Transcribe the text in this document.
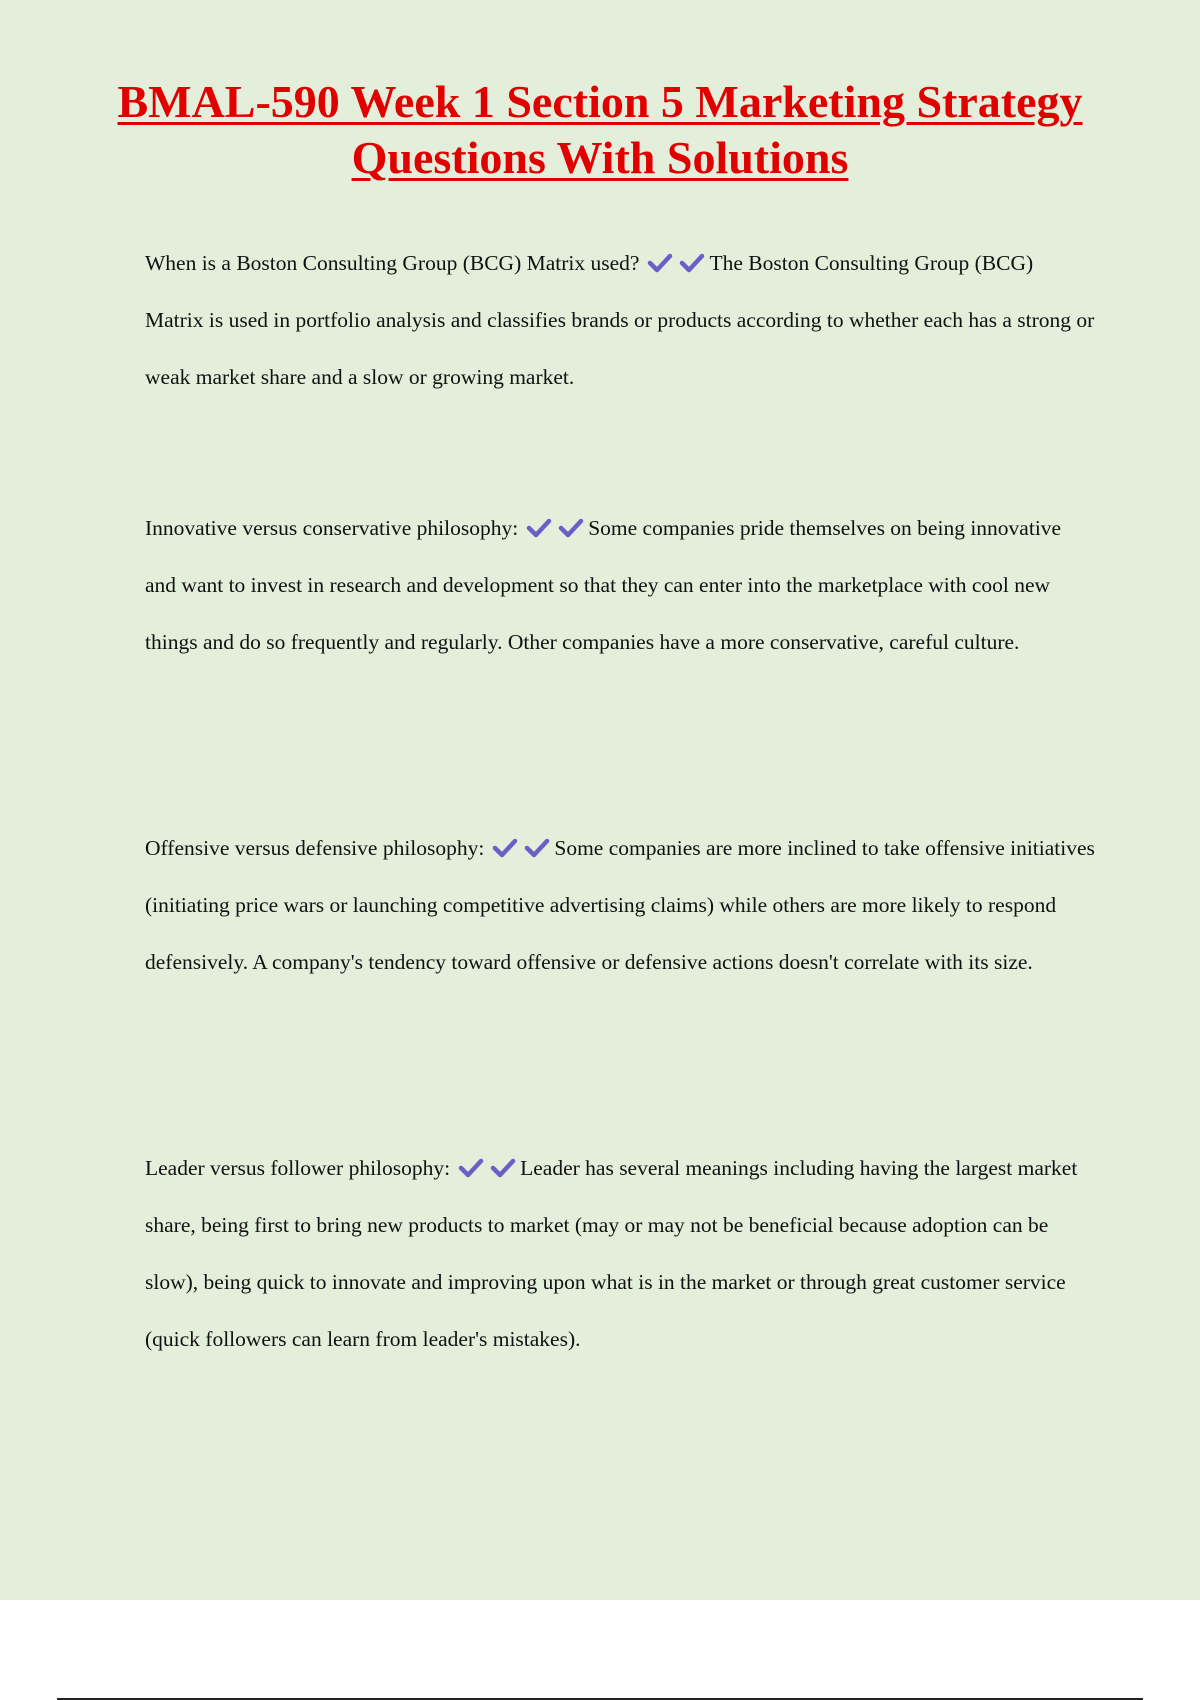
BMAL-590 Week 1 Section 5 Marketing Strategy Questions With Solutions

When is a Boston Consulting Group (BCG) Matrix used?	The Boston Consulting Group (BCG) Matrix is used in portfolio analysis and classifies brands or products according to whether each has a strong or weak market share and a slow or growing market.

Innovative versus conservative philosophy:	Some companies pride themselves on being innovative and want to invest in research and development so that they can enter into the marketplace with cool new things and do so frequently and regularly. Other companies have a more conservative, careful culture.

Offensive versus defensive philosophy:	Some companies are more inclined to take offensive initiatives (initiating price wars or launching competitive advertising claims) while others are more likely to respond defensively. A company's tendency toward offensive or defensive actions doesn't correlate with its size.

Leader versus follower philosophy:	Leader has several meanings including having the largest market share, being first to bring new products to market (may or may not be beneficial because adoption can be slow), being quick to innovate and improving upon what is in the market or through great customer service (quick followers can learn from leader's mistakes).
